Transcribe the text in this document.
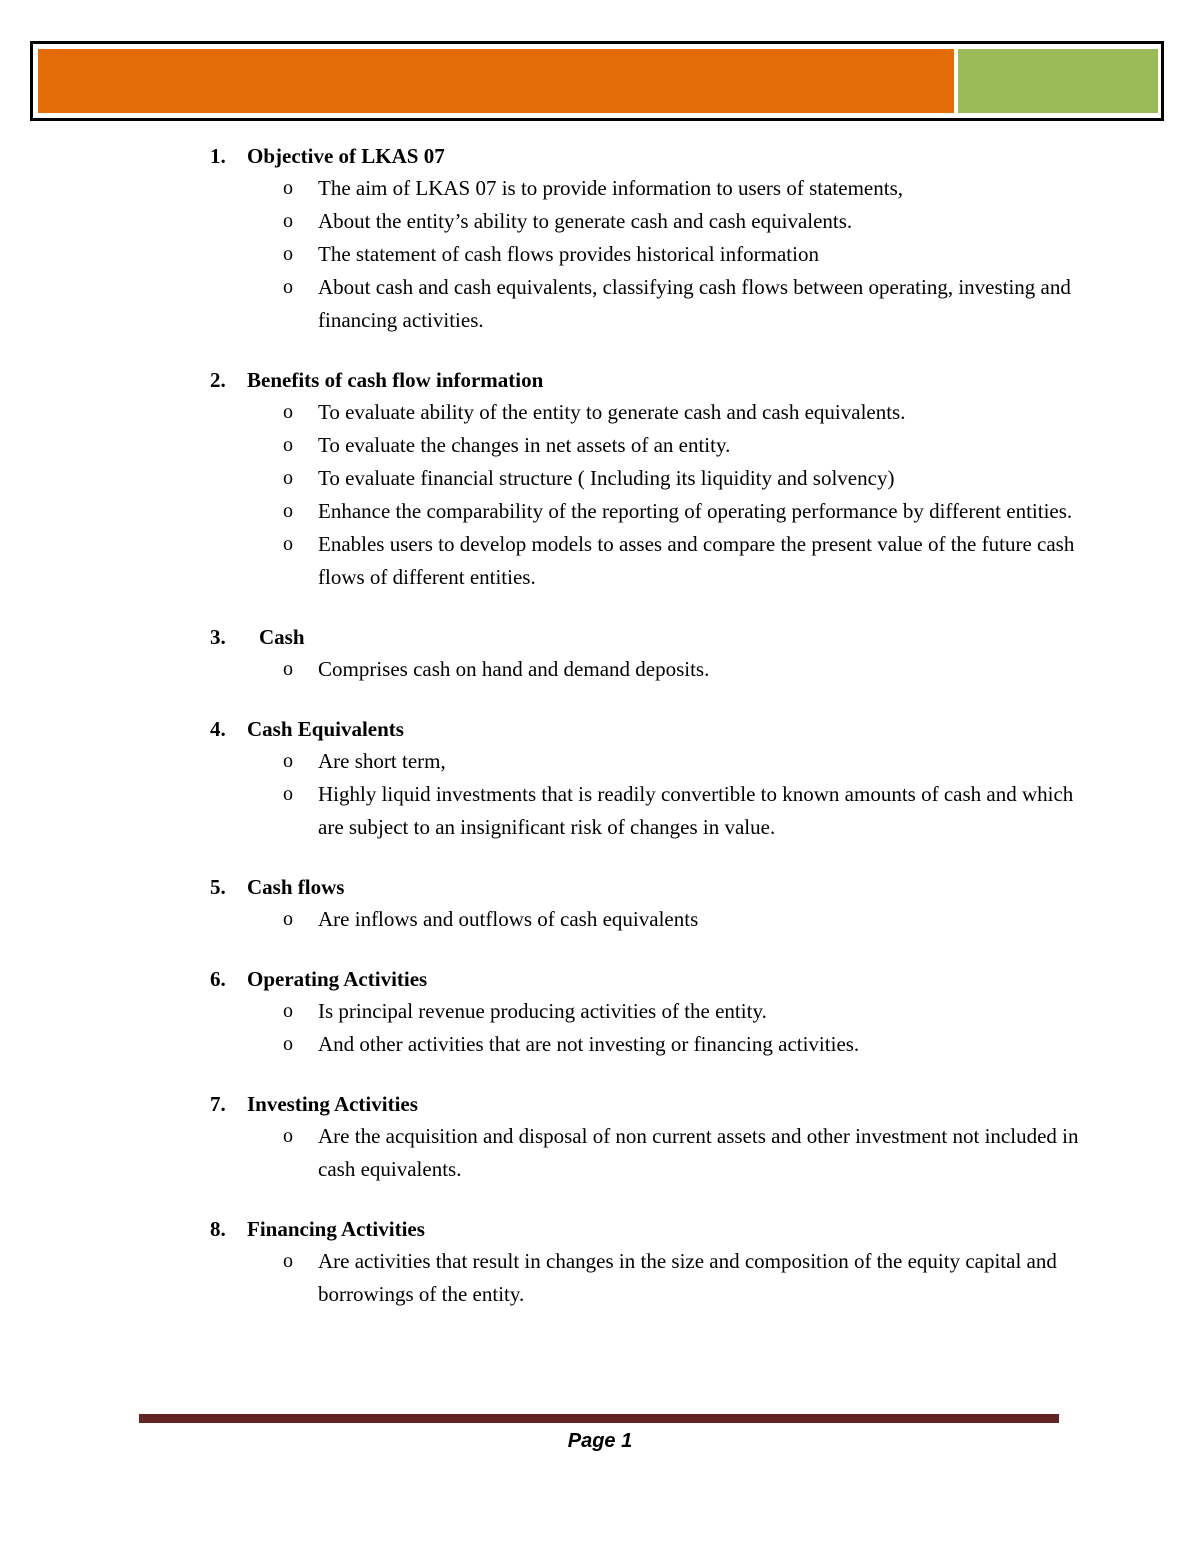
1. Objective of LKAS 07
o The aim of LKAS 07 is to provide information to users of statements,
o About the entity’s ability to generate cash and cash equivalents.
o The statement of cash flows provides historical information
o About cash and cash equivalents, classifying cash flows between operating, investing and financing activities.
2. Benefits of cash flow information
o To evaluate ability of the entity to generate cash and cash equivalents.
o To evaluate the changes in net assets of an entity.
o To evaluate financial structure ( Including its liquidity and solvency)
o Enhance the comparability of the reporting of operating performance by different entities.
o Enables users to develop models to asses and compare the present value of the future cash flows of different entities.
3. Cash
o Comprises cash on hand and demand deposits.
4. Cash Equivalents
o Are short term,
o Highly liquid investments that is readily convertible to known amounts of cash and which are subject to an insignificant risk of changes in value.
5. Cash flows
o Are inflows and outflows of cash equivalents
6. Operating Activities
o Is principal revenue producing activities of the entity.
o And other activities that are not investing or financing activities.
7. Investing Activities
o Are the acquisition and disposal of non current assets and other investment not included in cash equivalents.
8. Financing Activities
o Are activities that result in changes in the size and composition of the equity capital and borrowings of the entity.
Page 1
